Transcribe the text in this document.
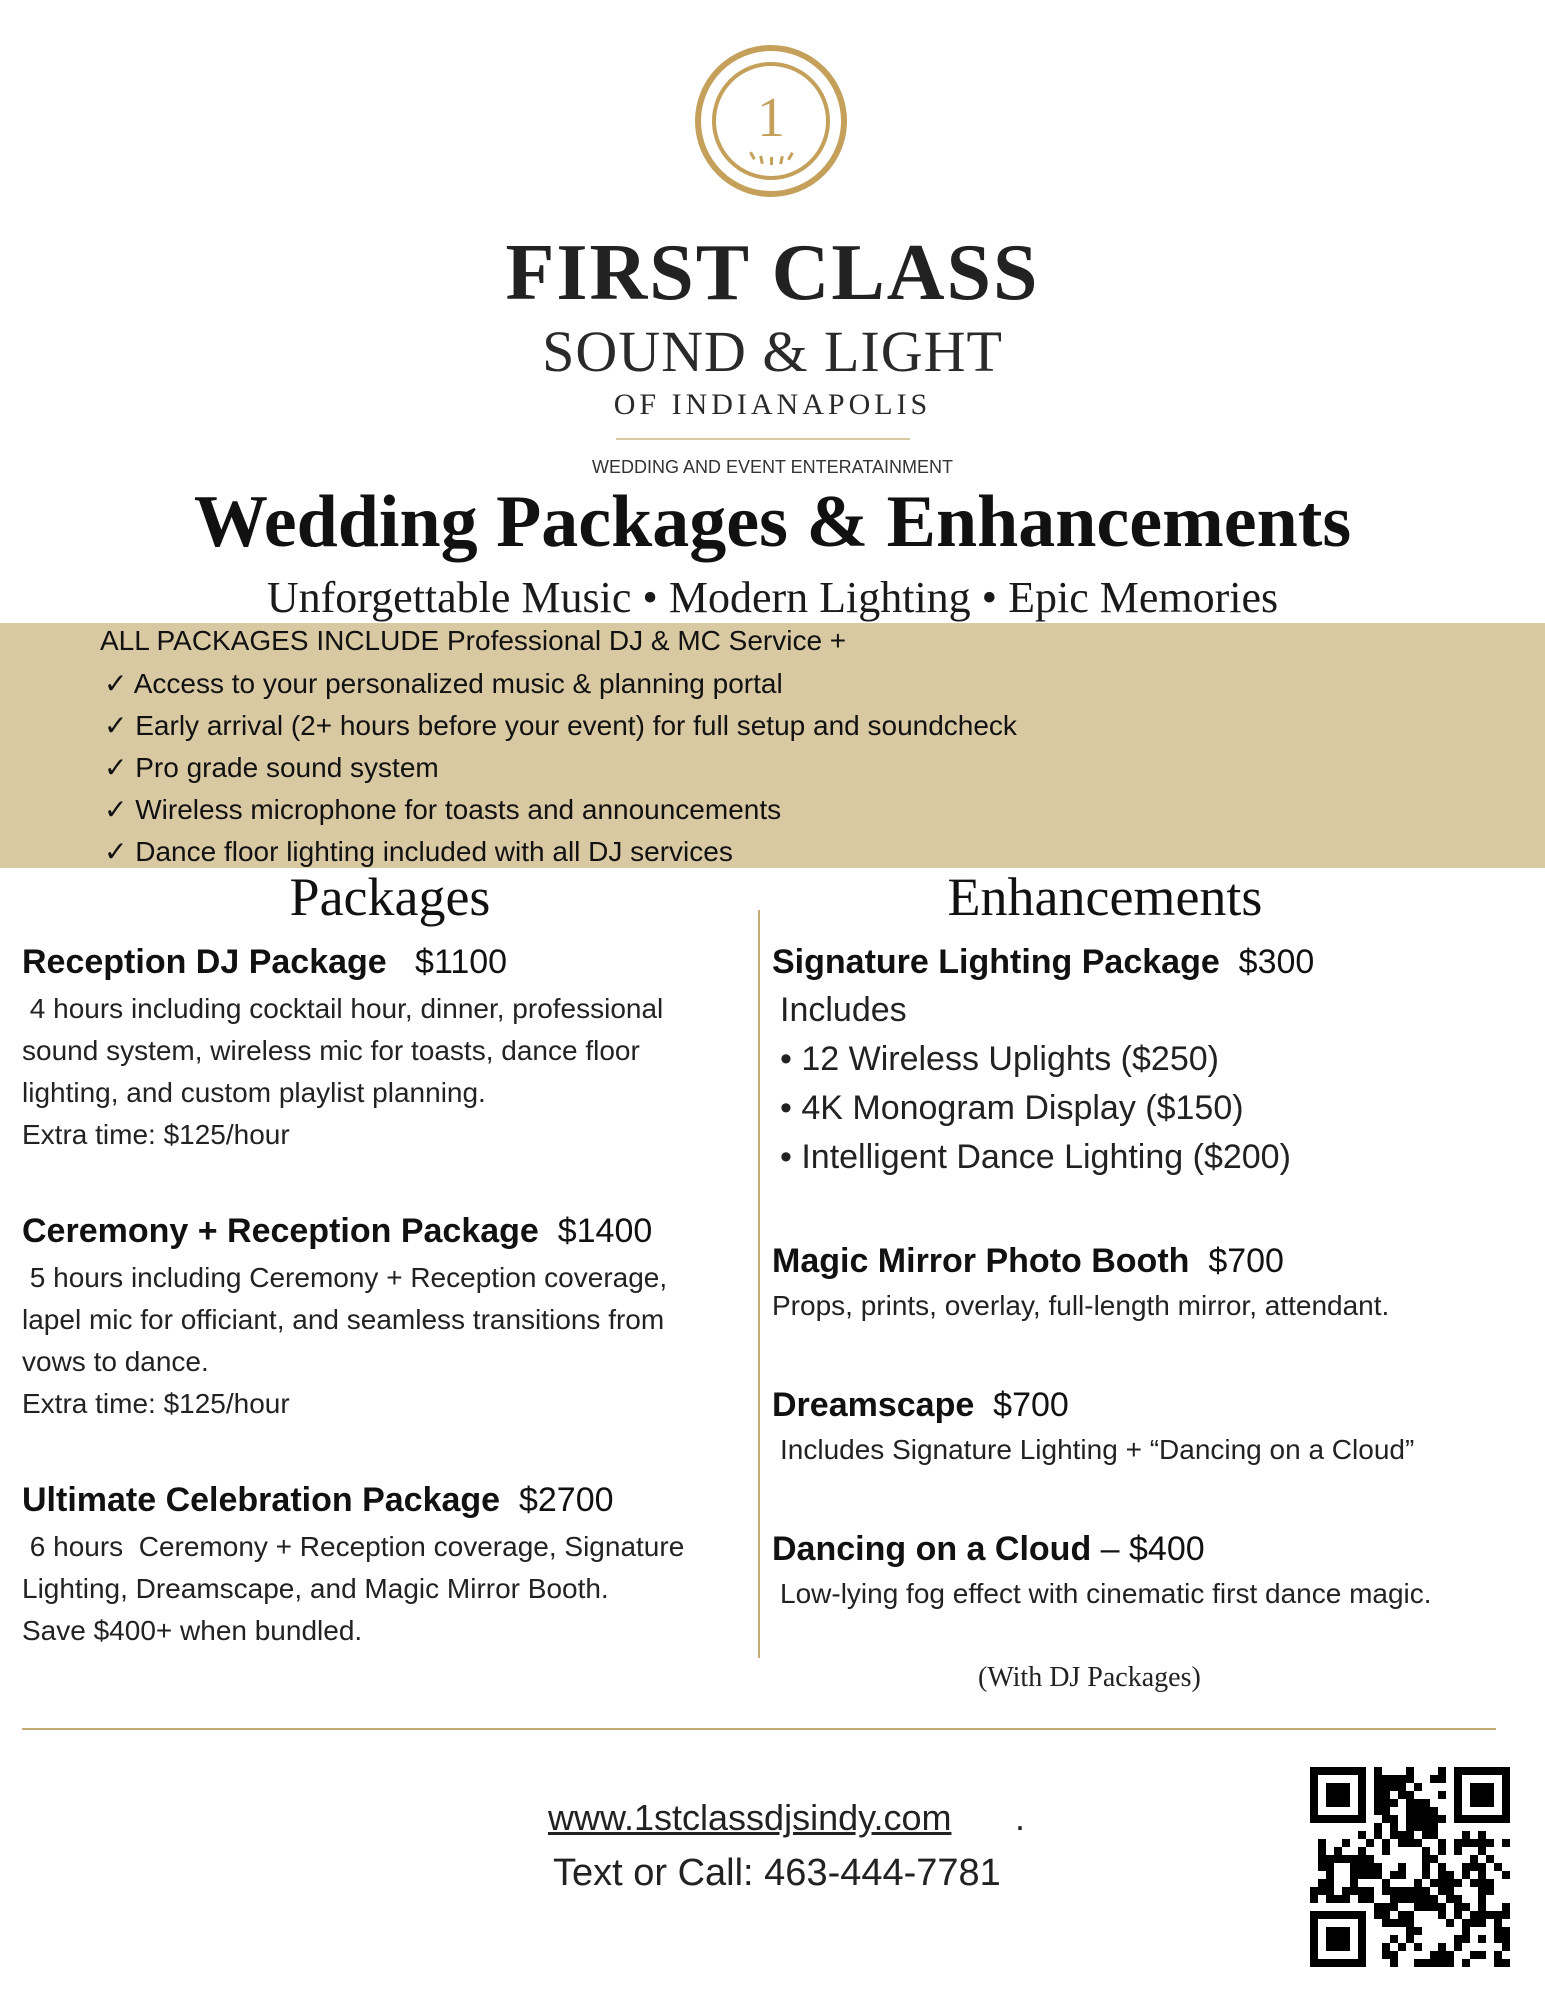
1
FIRST CLASS
SOUND & LIGHT
OF INDIANAPOLIS
WEDDING AND EVENT ENTERATAINMENT
Wedding Packages & Enhancements
Unforgettable Music • Modern Lighting • Epic Memories
ALL PACKAGES INCLUDE Professional DJ & MC Service +
✓ Access to your personalized music & planning portal
✓ Early arrival (2+ hours before your event) for full setup and soundcheck
✓ Pro grade sound system
✓ Wireless microphone for toasts and announcements
✓ Dance floor lighting included with all DJ services
Packages	Enhancements
Reception DJ Package $1100
4 hours including cocktail hour, dinner, professional
sound system, wireless mic for toasts, dance floor
lighting, and custom playlist planning.
Extra time: $125/hour
Ceremony + Reception Package $1400
5 hours including Ceremony + Reception coverage,
lapel mic for officiant, and seamless transitions from
vows to dance.
Extra time: $125/hour
Ultimate Celebration Package $2700
6 hours  Ceremony + Reception coverage, Signature
Lighting, Dreamscape, and Magic Mirror Booth.
Save $400+ when bundled.
Signature Lighting Package $300
Includes
• 12 Wireless Uplights ($250)
• 4K Monogram Display ($150)
• Intelligent Dance Lighting ($200)
Magic Mirror Photo Booth $700
Props, prints, overlay, full-length mirror, attendant.
Dreamscape $700
Includes Signature Lighting + “Dancing on a Cloud”
Dancing on a Cloud – $400
Low-lying fog effect with cinematic first dance magic.
(With DJ Packages)
www.1stclassdjsindy.com .
Text or Call: 463-444-7781
